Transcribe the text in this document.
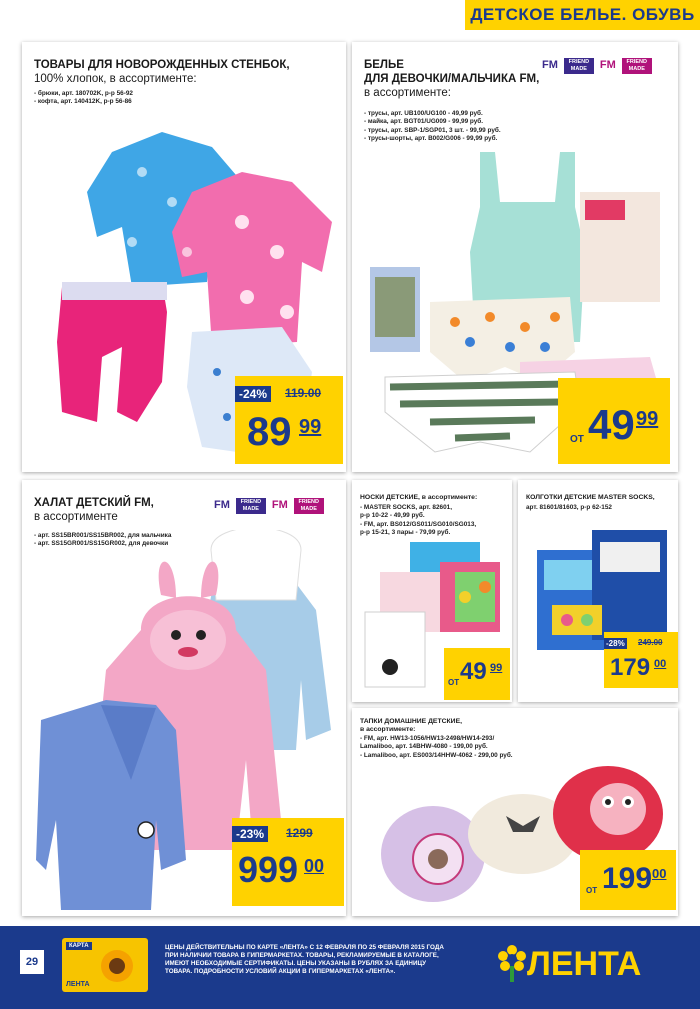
ДЕТСКОЕ БЕЛЬЕ. ОБУВЬ
ТОВАРЫ ДЛЯ НОВОРОЖДЕННЫХ СТЕНБОК,
100% хлопок, в ассортименте:
- брюки, арт. 180702K, р-р 56-92
- кофта, арт. 140412K, р-р 56-86
-24%	119.00
89 99
БЕЛЬЕ
ДЛЯ ДЕВОЧКИ/МАЛЬЧИКА FM,
в ассортименте:
FM	FRIEND MADE	FM	FRIEND MADE
- трусы, арт. UB100/UG100 - 49,99 руб.
- майка, арт. BGT01/UG009 - 99,99 руб.
- трусы, арт. SBP-1/SGP01, 3 шт. - 99,99 руб.
- трусы-шорты, арт. B002/G006 - 99,99 руб.
ОТ 49 99
ХАЛАТ ДЕТСКИЙ FM,
в ассортименте
FM	FRIEND MADE	FM	FRIEND MADE
- арт. SS15BR001/SS15BR002, для мальчика
- арт. SS15GR001/SS15GR002, для девочки
-23%	1299
999 00
НОСКИ ДЕТСКИЕ, в ассортименте:
- MASTER SOCKS, арт. 82601,
р-р 10-22 - 49,99 руб.
- FM, арт. BS012/GS011/SG010/SG013,
р-р 15-21, 3 пары - 79,99 руб.
ОТ 49 99
КОЛГОТКИ ДЕТСКИЕ MASTER SOCKS,
арт. 81601/81603, р-р 62-152
-28% 249.00
179 00
ТАПКИ ДОМАШНИЕ ДЕТСКИЕ,
в ассортименте:
- FM, арт. HW13-1056/HW13-2498/HW14-293/
Lamaliboo, арт. 14BHW-4080 - 199,00 руб.
- Lamaliboo, арт. ES003/14HHW-4062 - 299,00 руб.
ОТ 199 00
29
КАРТА
ЛЕНТА
ЦЕНЫ ДЕЙСТВИТЕЛЬНЫ ПО КАРТЕ «ЛЕНТА» С 12 ФЕВРАЛЯ ПО 25 ФЕВРАЛЯ 2015 ГОДА ПРИ НАЛИЧИИ ТОВАРА В ГИПЕРМАРКЕТАХ. ТОВАРЫ, РЕКЛАМИРУЕМЫЕ В КАТАЛОГЕ, ИМЕЮТ НЕОБХОДИМЫЕ СЕРТИФИКАТЫ. ЦЕНЫ УКАЗАНЫ В РУБЛЯХ ЗА ЕДИНИЦУ ТОВАРА. ПОДРОБНОСТИ УСЛОВИЙ АКЦИИ В ГИПЕРМАРКЕТАХ «ЛЕНТА».	ЛЕНТА
